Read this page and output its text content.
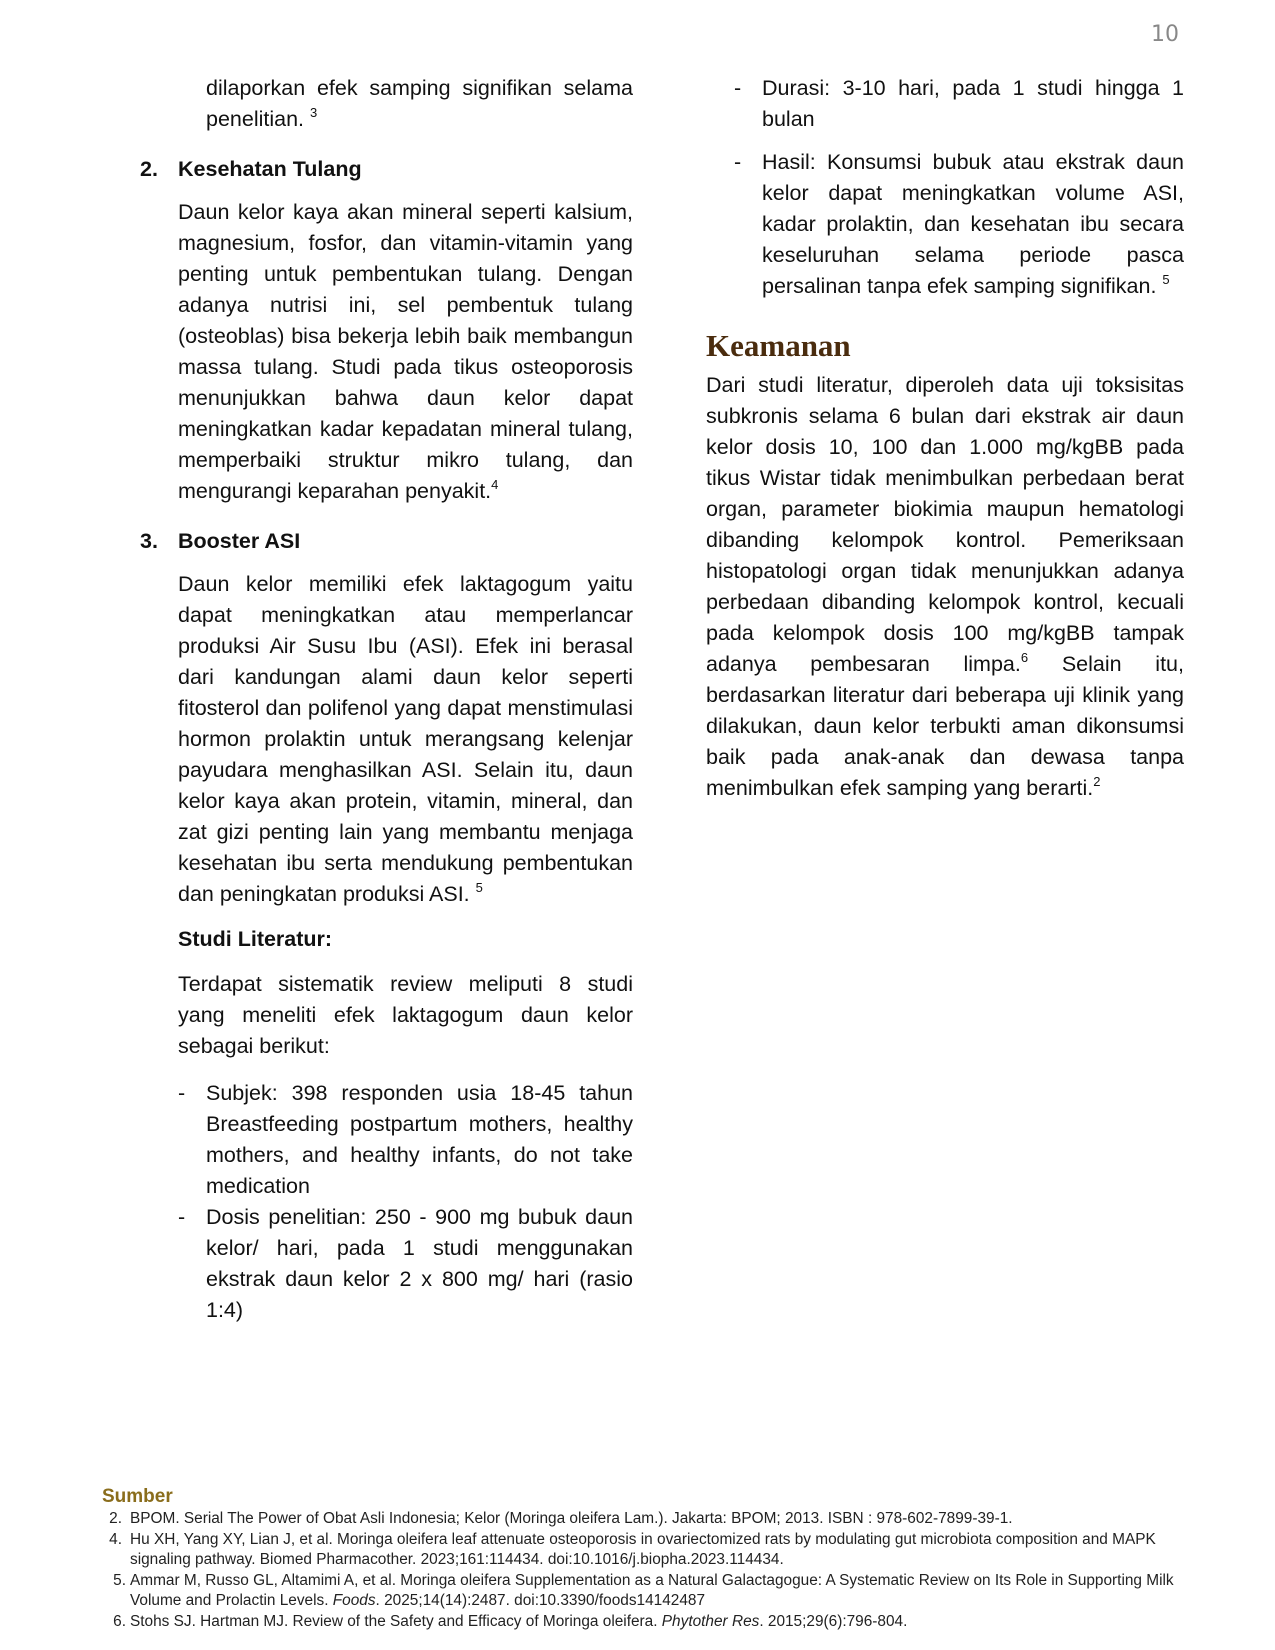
10

dilaporkan efek samping signifikan selama penelitian. $^3$

2. Kesehatan Tulang

Daun kelor kaya akan mineral seperti kalsium, magnesium, fosfor, dan vitamin-vitamin yang penting untuk pembentukan tulang. Dengan adanya nutrisi ini, sel pembentuk tulang (osteoblas) bisa bekerja lebih baik membangun massa tulang. Studi pada tikus osteoporosis menunjukkan bahwa daun kelor dapat meningkatkan kadar kepadatan mineral tulang, memperbaiki struktur mikro tulang, dan mengurangi keparahan penyakit.$^4$

3. Booster ASI

Daun kelor memiliki efek laktagogum yaitu dapat meningkatkan atau memperlancar produksi Air Susu Ibu (ASI). Efek ini berasal dari kandungan alami daun kelor seperti fitosterol dan polifenol yang dapat menstimulasi hormon prolaktin untuk merangsang kelenjar payudara menghasilkan ASI. Selain itu, daun kelor kaya akan protein, vitamin, mineral, dan zat gizi penting lain yang membantu menjaga kesehatan ibu serta mendukung pembentukan dan peningkatan produksi ASI. $^5$

Studi Literatur:

Terdapat sistematik review meliputi 8 studi yang meneliti efek laktagogum daun kelor sebagai berikut:

- Subjek: 398 responden usia 18-45 tahun Breastfeeding postpartum mothers, healthy mothers, and healthy infants, do not take medication
- Dosis penelitian: 250 - 900 mg bubuk daun kelor/ hari, pada 1 studi menggunakan ekstrak daun kelor 2 x 800 mg/ hari (rasio 1:4)
- Durasi: 3-10 hari, pada 1 studi hingga 1 bulan
- Hasil: Konsumsi bubuk atau ekstrak daun kelor dapat meningkatkan volume ASI, kadar prolaktin, dan kesehatan ibu secara keseluruhan selama periode pasca persalinan tanpa efek samping signifikan. $^5$
Keamanan

Dari studi literatur, diperoleh data uji toksisitas subkronis selama 6 bulan dari ekstrak air daun kelor dosis 10, 100 dan 1.000 mg/kgBB pada tikus Wistar tidak menimbulkan perbedaan berat organ, parameter biokimia maupun hematologi dibanding kelompok kontrol. Pemeriksaan histopatologi organ tidak menunjukkan adanya perbedaan dibanding kelompok kontrol, kecuali pada kelompok dosis 100 mg/kgBB tampak adanya pembesaran limpa.$^6$ Selain itu, berdasarkan literatur dari beberapa uji klinik yang dilakukan, daun kelor terbukti aman dikonsumsi baik pada anak-anak dan dewasa tanpa menimbulkan efek samping yang berarti.$^2$

Sumber
2. BPOM. Serial The Power of Obat Asli Indonesia; Kelor (Moringa oleifera Lam.). Jakarta: BPOM; 2013. ISBN : 978-602-7899-39-1.
4. Hu XH, Yang XY, Lian J, et al. Moringa oleifera leaf attenuate osteoporosis in ovariectomized rats by modulating gut microbiota composition and MAPK signaling pathway. Biomed Pharmacother. 2023;161:114434. doi:10.1016/j.biopha.2023.114434.
5. Ammar M, Russo GL, Altamimi A, et al. Moringa oleifera Supplementation as a Natural Galactagogue: A Systematic Review on Its Role in Supporting Milk Volume and Prolactin Levels. Foods. 2025;14(14):2487. doi:10.3390/foods14142487
6. Stohs SJ. Hartman MJ. Review of the Safety and Efficacy of Moringa oleifera. Phytother Res. 2015;29(6):796-804.
